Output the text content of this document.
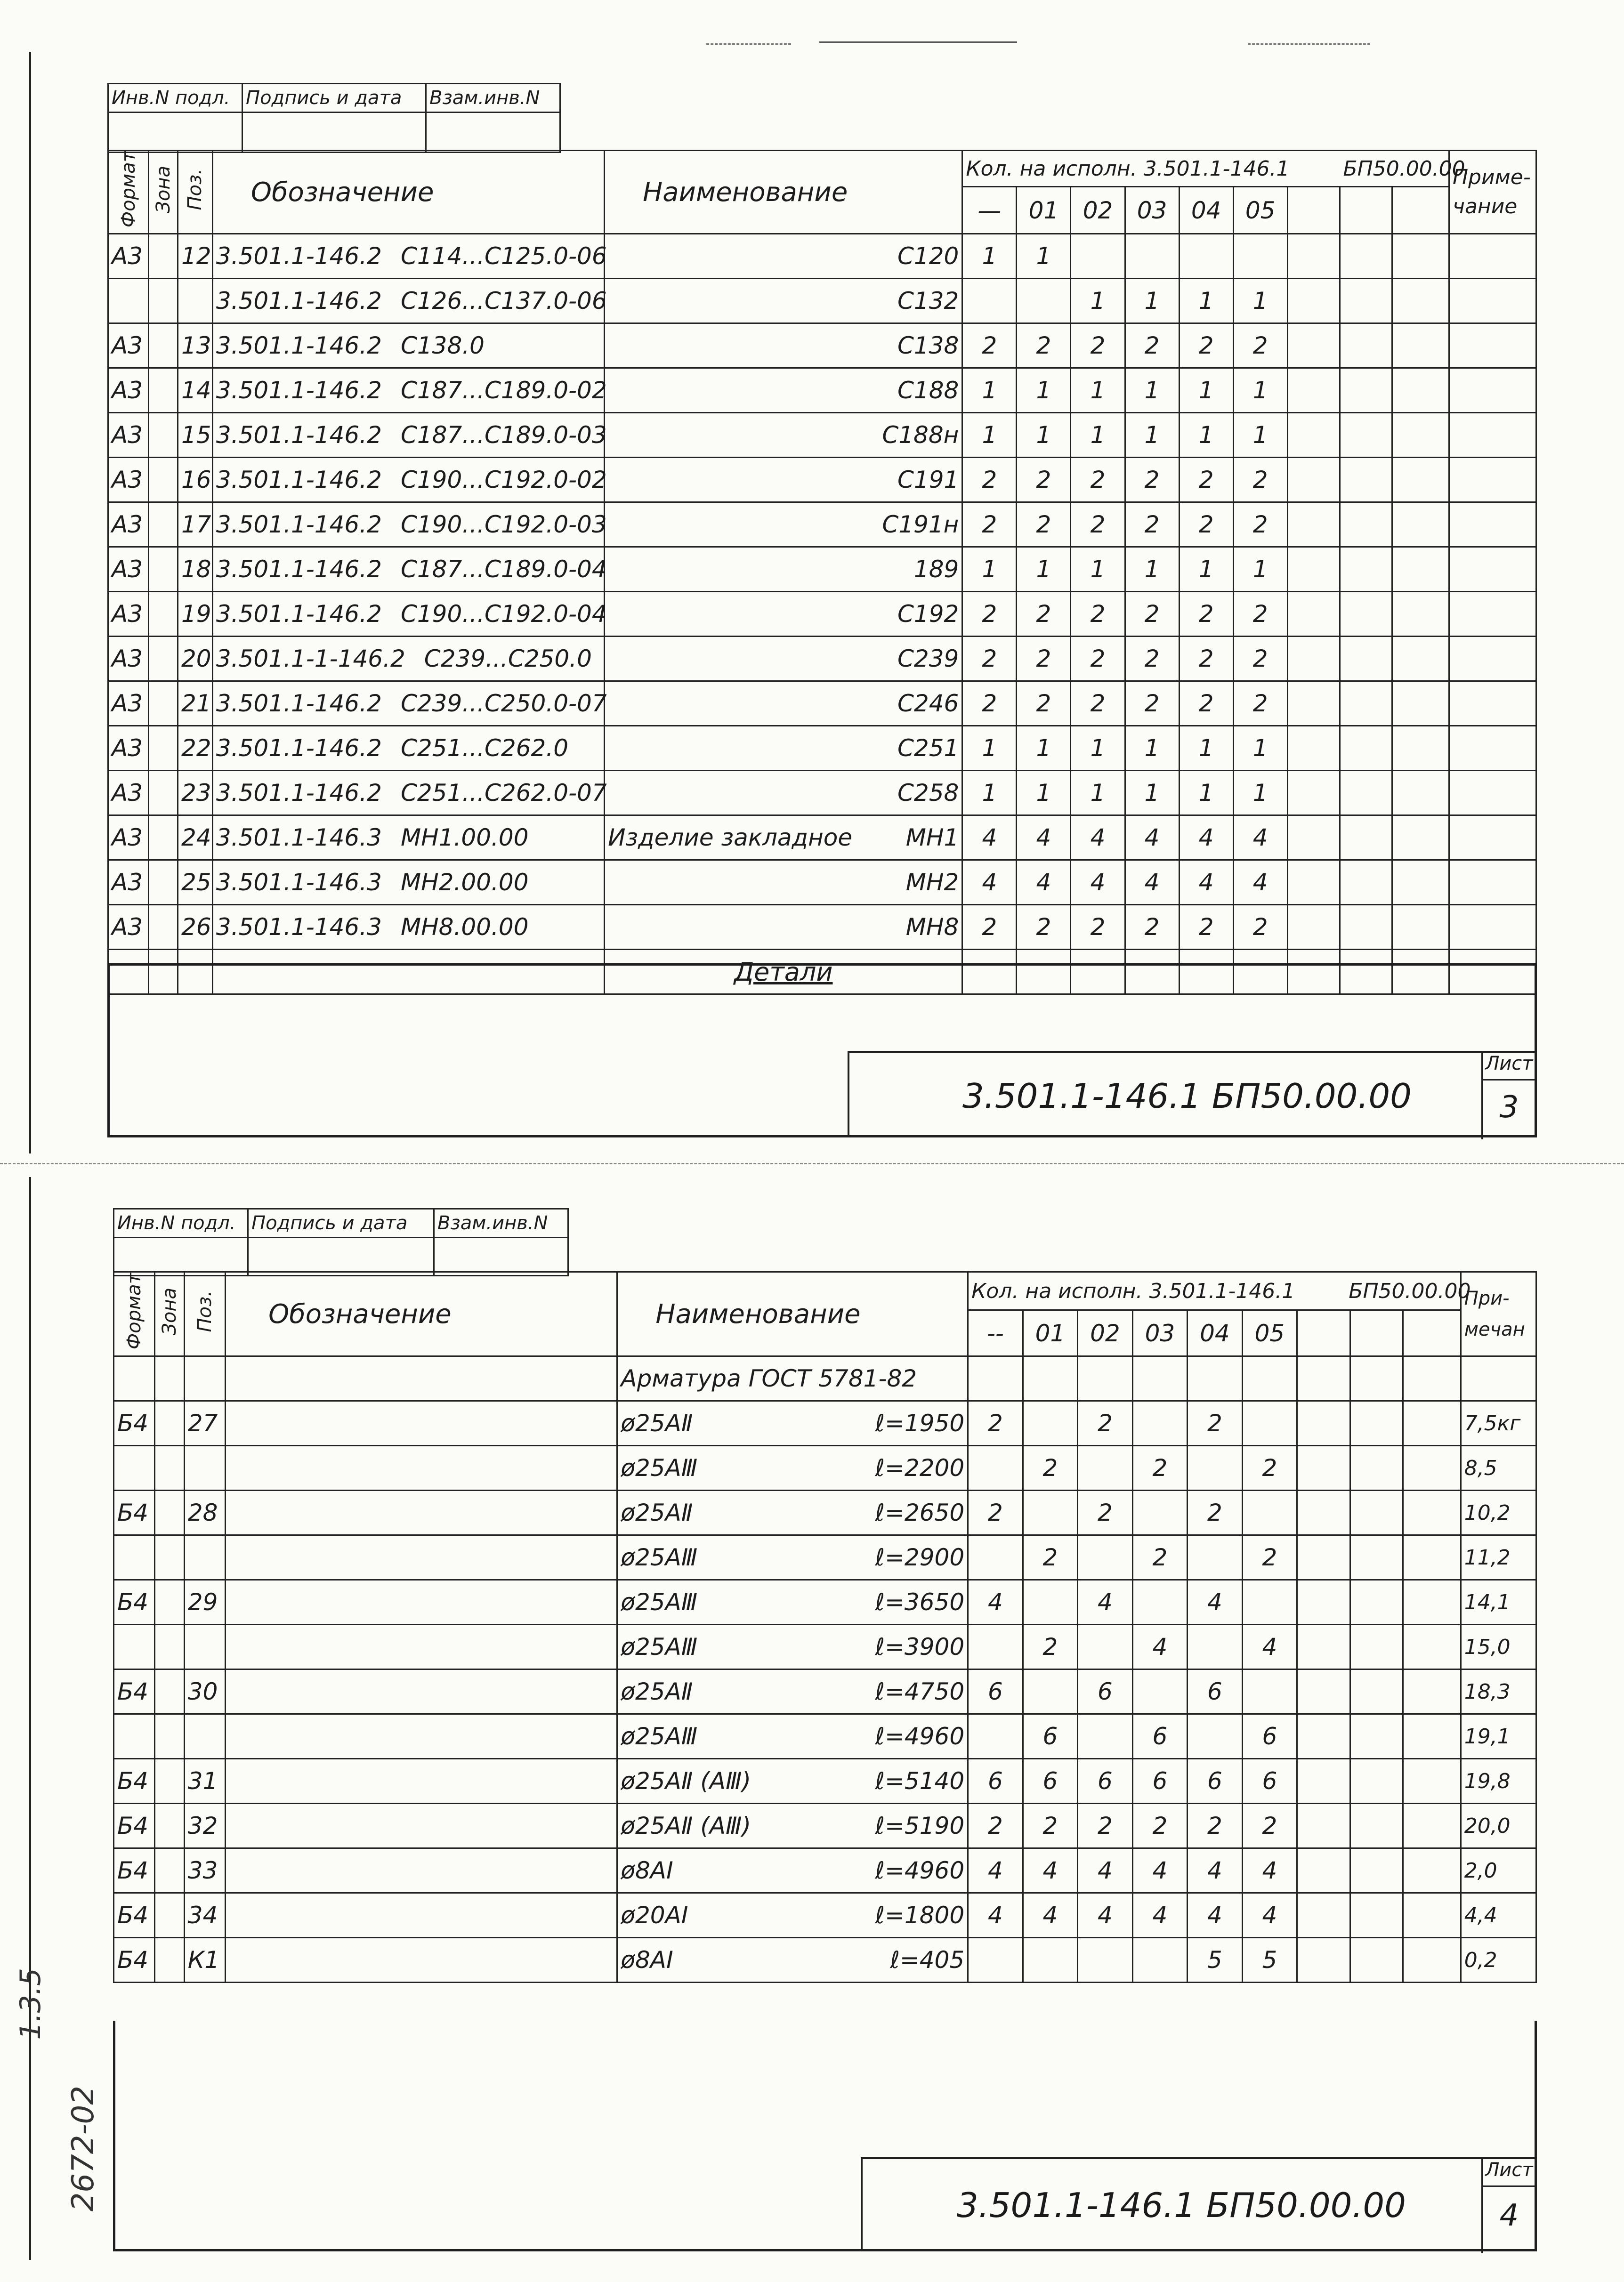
2672-02
1.3.5
Инв.N подл.	Подпись и дата	Взам.инв.N

Формат	Зона	Поз.	Обозначение	Наименование	Кол. на исполн. 3.501.1-146.1 БП50.00.00									Приме-
чание

					—	01	02	03	04	05				
А3		12	3.501.1-146.2 С114...С125.0-06	С120	1	1								
			3.501.1-146.2 С126...С137.0-06	С132			1	1	1	1				
А3		13	3.501.1-146.2 С138.0	С138	2	2	2	2	2	2				
А3		14	3.501.1-146.2 С187...С189.0-02	С188	1	1	1	1	1	1				
А3		15	3.501.1-146.2 С187...С189.0-03	С188н	1	1	1	1	1	1				
А3		16	3.501.1-146.2 С190...С192.0-02	С191	2	2	2	2	2	2				
А3		17	3.501.1-146.2 С190...С192.0-03	С191н	2	2	2	2	2	2				
А3		18	3.501.1-146.2 С187...С189.0-04	189	1	1	1	1	1	1				
А3		19	3.501.1-146.2 С190...С192.0-04	С192	2	2	2	2	2	2				
А3		20	3.501.1-1-146.2 С239...С250.0	С239	2	2	2	2	2	2				
А3		21	3.501.1-146.2 С239...С250.0-07	С246	2	2	2	2	2	2				
А3		22	3.501.1-146.2 С251...С262.0	С251	1	1	1	1	1	1				
А3		23	3.501.1-146.2 С251...С262.0-07	С258	1	1	1	1	1	1				
А3		24	3.501.1-146.3 МН1.00.00	Изделие закладное МН1	4	4	4	4	4	4				
А3		25	3.501.1-146.3 МН2.00.00	МН2	4	4	4	4	4	4				
А3		26	3.501.1-146.3 МН8.00.00	МН8	2	2	2	2	2	2				
				Детали										
3.501.1-146.1 БП50.00.00
Лист
3
Инв.N подл.	Подпись и дата	Взам.инв.N

Формат	Зона	Поз.	Обозначение	Наименование	Кол. на исполн. 3.501.1-146.1 БП50.00.00									При-
мечан

					--	01	02	03	04	05				
				Арматура ГОСТ 5781-82										
Б4		27		ø25АⅡ ℓ=1950	2		2		2					7,5кг
				ø25АⅢ ℓ=2200		2		2		2				8,5
Б4		28		ø25АⅡ ℓ=2650	2		2		2					10,2
				ø25АⅢ ℓ=2900		2		2		2				11,2
Б4		29		ø25АⅢ ℓ=3650	4		4		4					14,1
				ø25АⅢ ℓ=3900		2		4		4				15,0
Б4		30		ø25АⅡ ℓ=4750	6		6		6					18,3
				ø25АⅢ ℓ=4960		6		6		6				19,1
Б4		31		ø25АⅡ (АⅢ) ℓ=5140	6	6	6	6	6	6				19,8
Б4		32		ø25АⅡ (АⅢ) ℓ=5190	2	2	2	2	2	2				20,0
Б4		33		ø8АⅠ ℓ=4960	4	4	4	4	4	4				2,0
Б4		34		ø20АⅠ ℓ=1800	4	4	4	4	4	4				4,4
Б4		К1		ø8АⅠ ℓ=405					5	5				0,2
3.501.1-146.1 БП50.00.00
Лист
4
